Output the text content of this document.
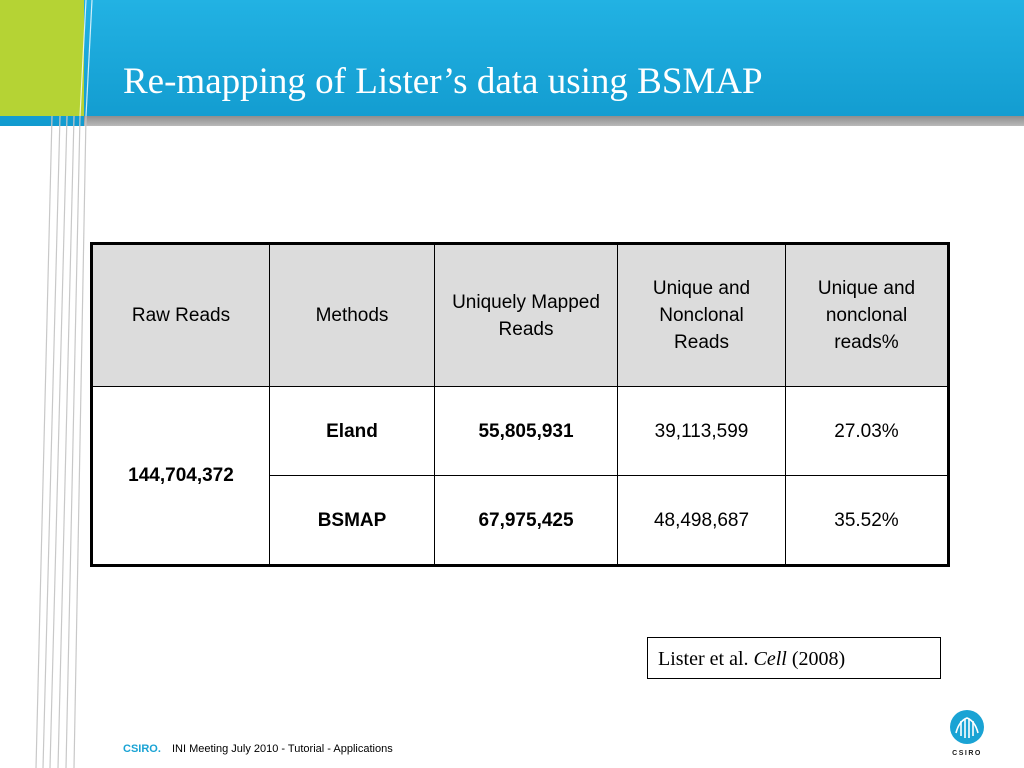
Re-mapping of Lister’s data using BSMAP
Raw Reads	Methods	Uniquely Mapped Reads	Unique and Nonclonal Reads	Unique and nonclonal reads%
144,704,372	Eland	55,805,931	39,113,599	27.03%
	BSMAP	67,975,425	48,498,687	35.52%
Lister et al. Cell (2008)
CSIRO. INI Meeting July 2010 - Tutorial - Applications	CSIRO
